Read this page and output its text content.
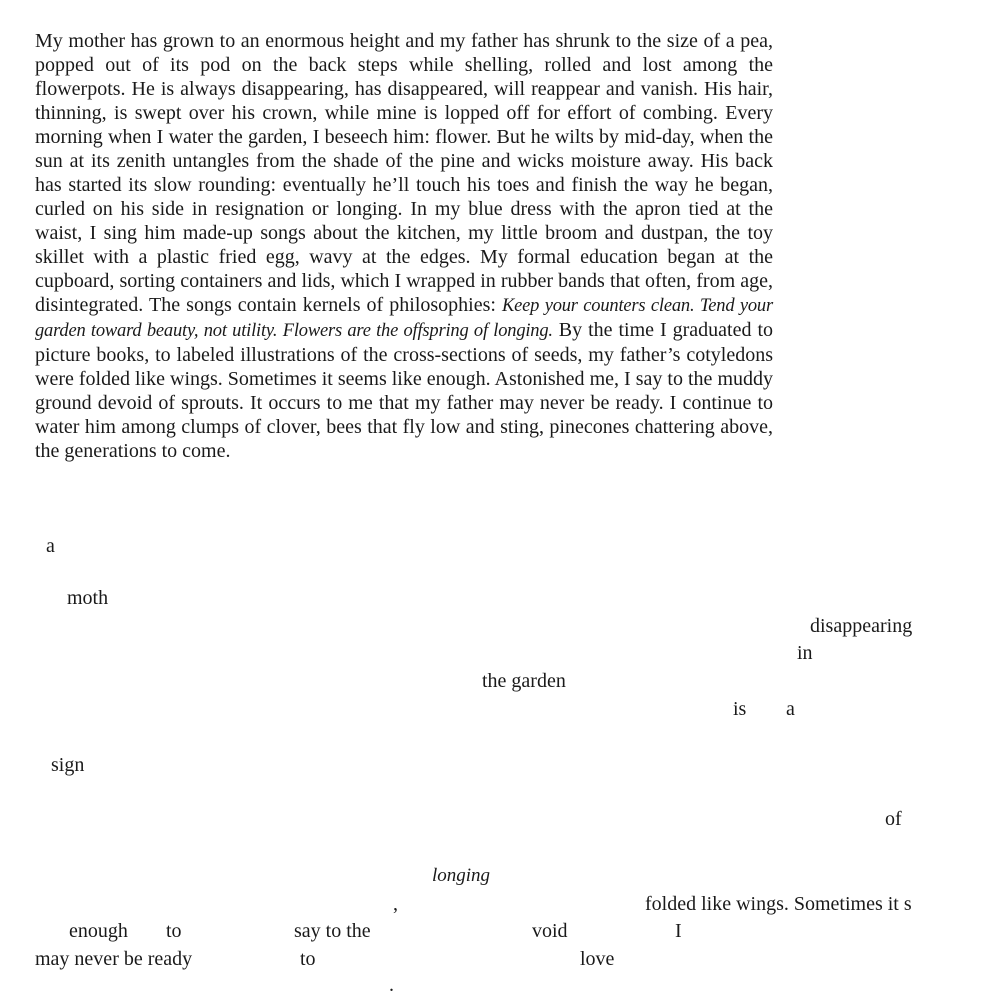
My mother has grown to an enormous height and my father has shrunk to the size of a pea, popped out of its pod on the back steps while shelling, rolled and lost among the flowerpots. He is always disappearing, has disappeared, will reappear and vanish. His hair, thinning, is swept over his crown, while mine is lopped off for effort of combing. Every morning when I water the garden, I beseech him: flower. But he wilts by mid-day, when the sun at its zenith untangles from the shade of the pine and wicks moisture away. His back has started its slow rounding: eventually he’ll touch his toes and finish the way he began, curled on his side in resignation or longing. In my blue dress with the apron tied at the waist, I sing him made-up songs about the kitchen, my little broom and dustpan, the toy skillet with a plastic fried egg, wavy at the edges. My formal education began at the cupboard, sorting containers and lids, which I wrapped in rubber bands that often, from age, disintegrated. The songs contain kernels of philosophies: Keep your counters clean. Tend your garden toward beauty, not utility. Flowers are the offspring of longing. By the time I graduated to picture books, to labeled illustrations of the cross-sections of seeds, my father’s cotyledons were folded like wings. Sometimes it seems like enough. Astonished me, I say to the muddy ground devoid of sprouts. It occurs to me that my father may never be ready. I continue to water him among clumps of clover, bees that fly low and sting, pinecones chattering above, the generations to come.

a
moth
disappearing
in
the garden
is a
sign
of
longing
,	folded like wings. Sometimes it s
enough to	say to the	void	I
may never be ready	to	love
.
